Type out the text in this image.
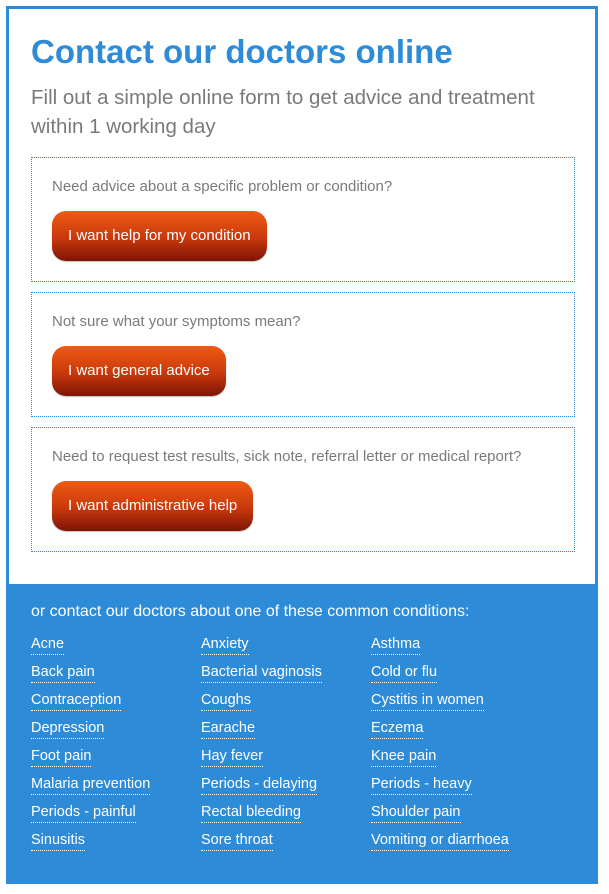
Contact our doctors online

Fill out a simple online form to get advice and treatment within 1 working day

Need advice about a specific problem or condition?

I want help for my condition

Not sure what your symptoms mean?

I want general advice

Need to request test results, sick note, referral letter or medical report?

I want administrative help

or contact our doctors about one of these common conditions:

Acne	Anxiety	Asthma
Back pain	Bacterial vaginosis	Cold or flu
Contraception	Coughs	Cystitis in women
Depression	Earache	Eczema
Foot pain	Hay fever	Knee pain
Malaria prevention	Periods - delaying	Periods - heavy
Periods - painful	Rectal bleeding	Shoulder pain
Sinusitis	Sore throat	Vomiting or diarrhoea
